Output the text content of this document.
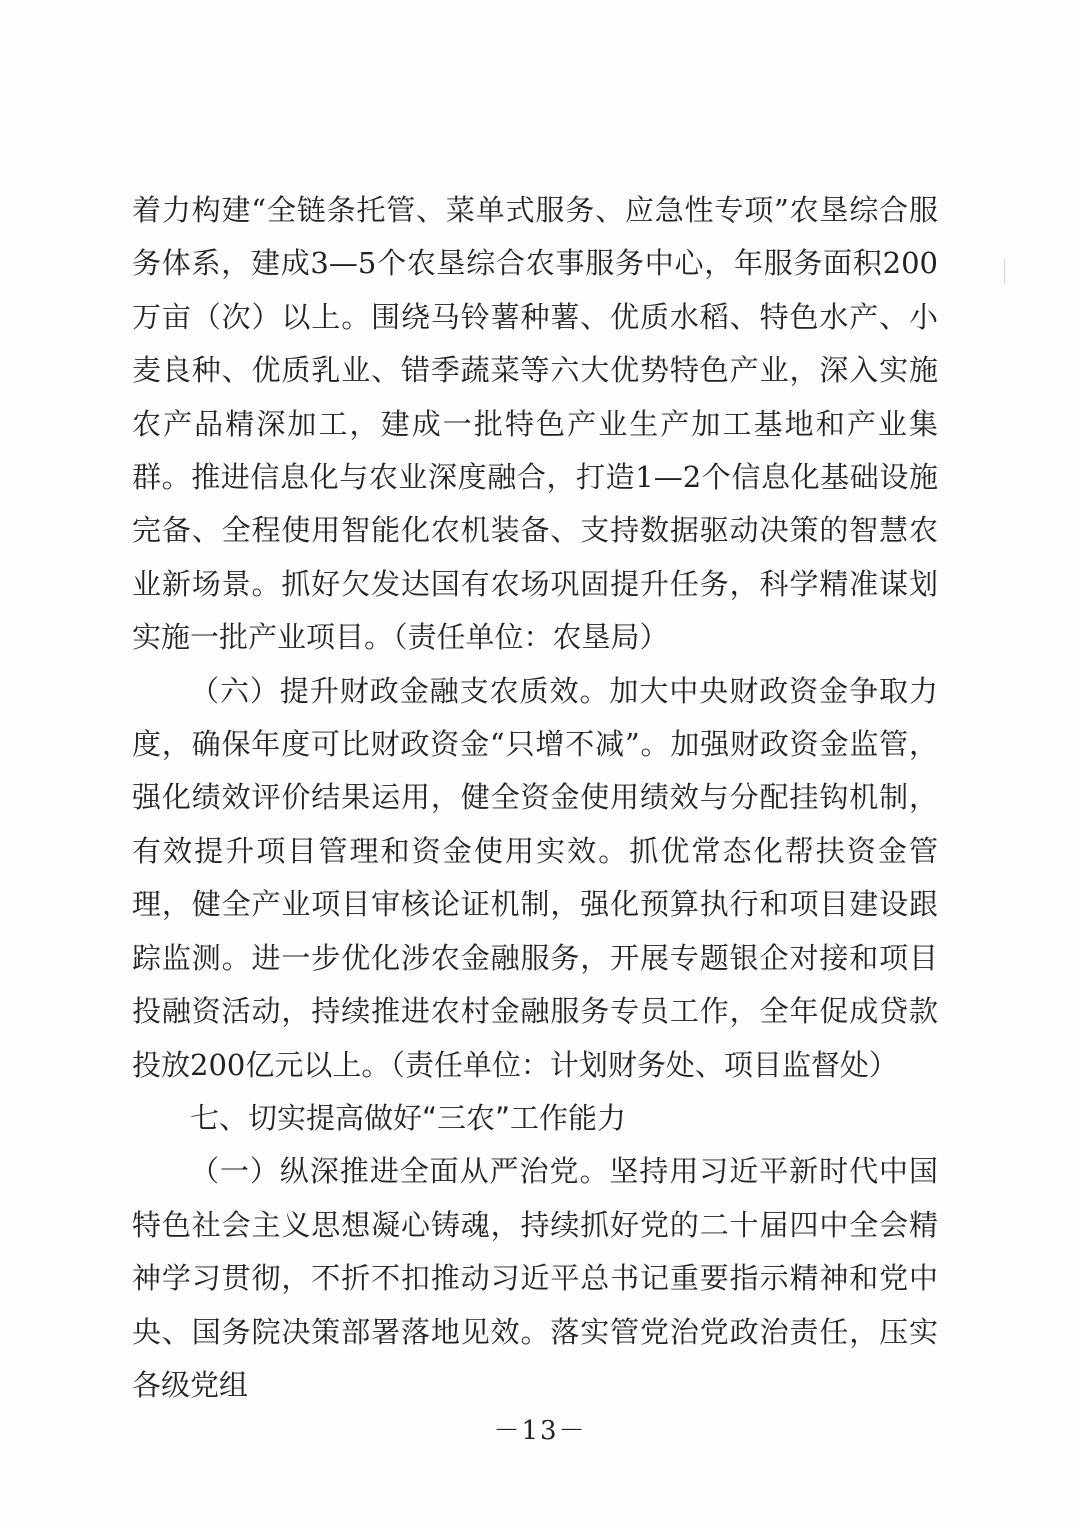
着力构建“全链条托管、菜单式服务、应急性专项”农垦综合服务体系，建成3—5个农垦综合农事服务中心，年服务面积200万亩（次）以上。围绕马铃薯种薯、优质水稻、特色水产、小麦良种、优质乳业、错季蔬菜等六大优势特色产业，深入实施农产品精深加工，建成一批特色产业生产加工基地和产业集群。推进信息化与农业深度融合，打造1—2个信息化基础设施完备、全程使用智能化农机装备、支持数据驱动决策的智慧农业新场景。抓好欠发达国有农场巩固提升任务，科学精准谋划实施一批产业项目。（责任单位：农垦局）

（六）提升财政金融支农质效。加大中央财政资金争取力度，确保年度可比财政资金“只增不减”。加强财政资金监管，强化绩效评价结果运用，健全资金使用绩效与分配挂钩机制，有效提升项目管理和资金使用实效。抓优常态化帮扶资金管理，健全产业项目审核论证机制，强化预算执行和项目建设跟踪监测。进一步优化涉农金融服务，开展专题银企对接和项目投融资活动，持续推进农村金融服务专员工作，全年促成贷款投放200亿元以上。（责任单位：计划财务处、项目监督处）

七、切实提高做好“三农”工作能力

（一）纵深推进全面从严治党。坚持用习近平新时代中国特色社会主义思想凝心铸魂，持续抓好党的二十届四中全会精神学习贯彻，不折不扣推动习近平总书记重要指示精神和党中央、国务院决策部署落地见效。落实管党治党政治责任，压实各级党组

－13－
